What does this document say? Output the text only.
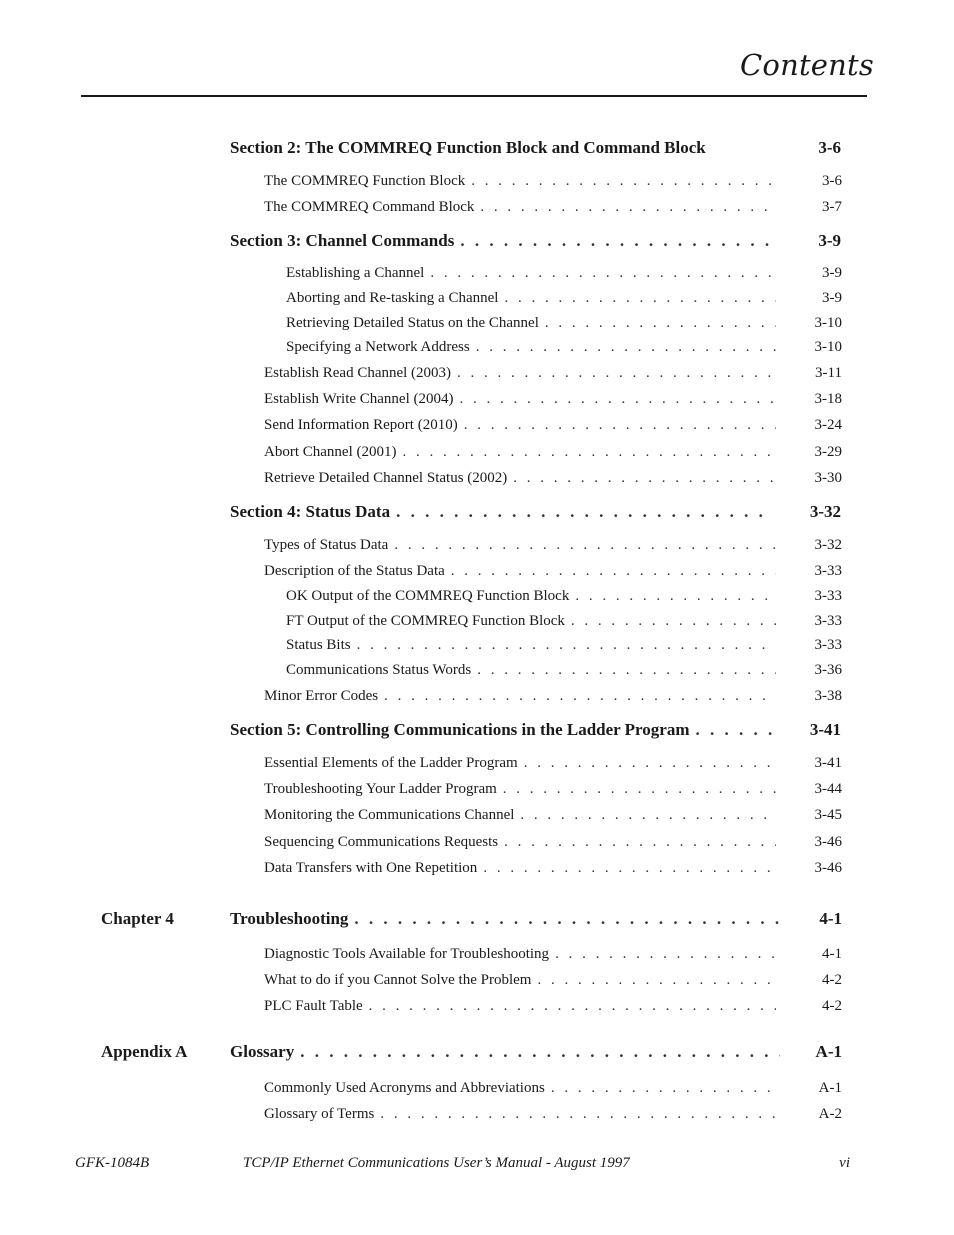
Contents
Section 2: The COMMREQ Function Block and Command Block	3-6
The COMMREQ Function Block . . .	3-6
The COMMREQ Command Block . . .	3-7
Section 3: Channel Commands . . .	3-9
Establishing a Channel . . .	3-9
Aborting and Re-tasking a Channel . . .	3-9
Retrieving Detailed Status on the Channel . . .	3-10
Specifying a Network Address . . .	3-10
Establish Read Channel (2003) . . .	3-11
Establish Write Channel (2004) . . .	3-18
Send Information Report (2010) . . .	3-24
Abort Channel (2001) . . .	3-29
Retrieve Detailed Channel Status (2002) . . .	3-30
Section 4: Status Data . . .	3-32
Types of Status Data . . .	3-32
Description of the Status Data . . .	3-33
OK Output of the COMMREQ Function Block . . .	3-33
FT Output of the COMMREQ Function Block . . .	3-33
Status Bits . . .	3-33
Communications Status Words . . .	3-36
Minor Error Codes . . .	3-38
Section 5: Controlling Communications in the Ladder Program . . .	3-41
Essential Elements of the Ladder Program . . .	3-41
Troubleshooting Your Ladder Program . . .	3-44
Monitoring the Communications Channel . . .	3-45
Sequencing Communications Requests . . .	3-46
Data Transfers with One Repetition . . .	3-46
Chapter 4	Troubleshooting . . .	4-1
Diagnostic Tools Available for Troubleshooting . . .	4-1
What to do if you Cannot Solve the Problem . . .	4-2
PLC Fault Table . . .	4-2
Appendix A	Glossary . . .	A-1
Commonly Used Acronyms and Abbreviations . . .	A-1
Glossary of Terms . . .	A-2
GFK-1084B	TCP/IP Ethernet Communications User’s Manual - August 1997	vi
